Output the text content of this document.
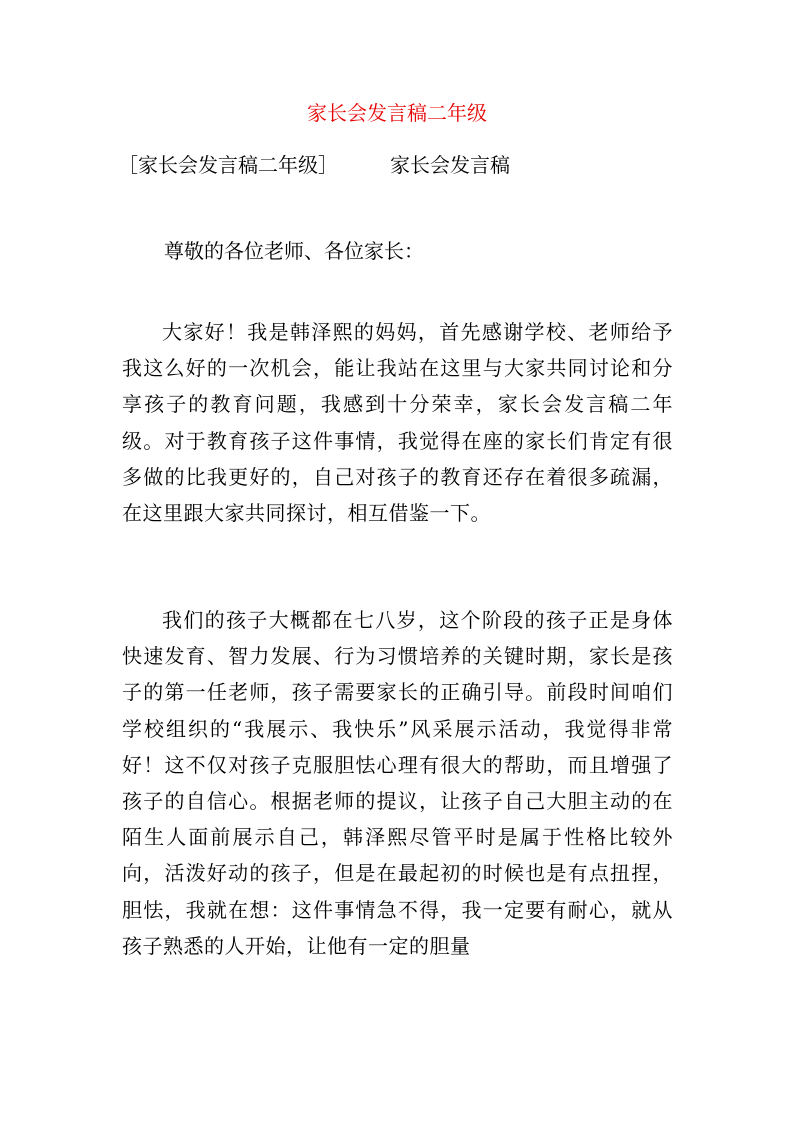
家长会发言稿二年级
［家长会发言稿二年级］	家长会发言稿
尊敬的各位老师、各位家长：

大家好！我是韩泽熙的妈妈，首先感谢学校、老师给予我这么好的一次机会，能让我站在这里与大家共同讨论和分享孩子的教育问题，我感到十分荣幸，家长会发言稿二年级。对于教育孩子这件事情，我觉得在座的家长们肯定有很多做的比我更好的，自己对孩子的教育还存在着很多疏漏，在这里跟大家共同探讨，相互借鉴一下。

我们的孩子大概都在七八岁，这个阶段的孩子正是身体快速发育、智力发展、行为习惯培养的关键时期，家长是孩子的第一任老师，孩子需要家长的正确引导。前段时间咱们学校组织的“我展示、我快乐”风采展示活动，我觉得非常好！这不仅对孩子克服胆怯心理有很大的帮助，而且增强了孩子的自信心。根据老师的提议，让孩子自己大胆主动的在陌生人面前展示自己，韩泽熙尽管平时是属于性格比较外向，活泼好动的孩子，但是在最起初的时候也是有点扭捏，胆怯，我就在想：这件事情急不得，我一定要有耐心，就从孩子熟悉的人开始，让他有一定的胆量
